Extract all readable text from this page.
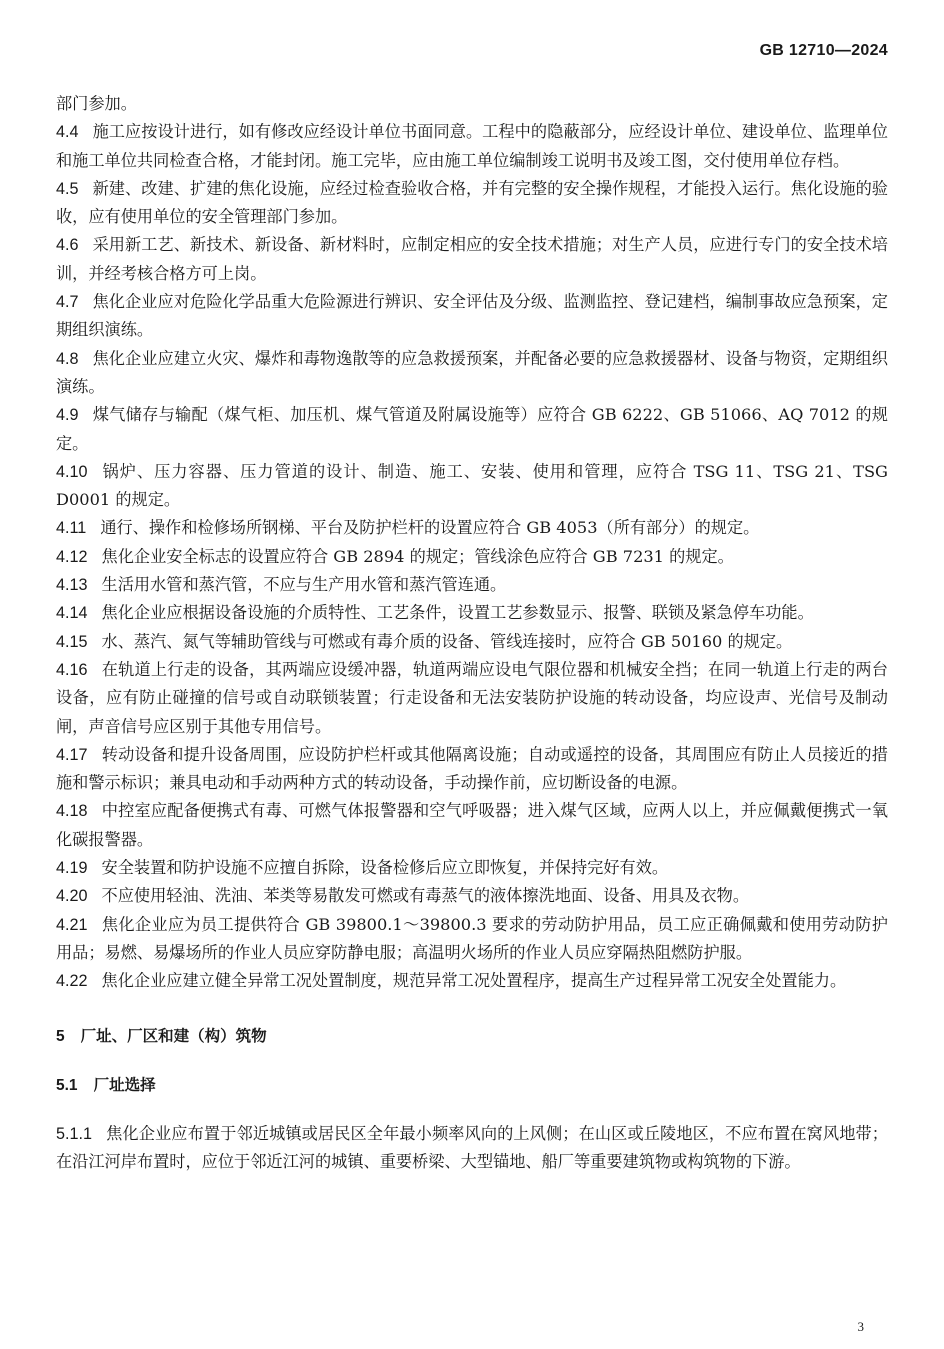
GB 12710—2024

部门参加。

4.4 施工应按设计进行，如有修改应经设计单位书面同意。工程中的隐蔽部分，应经设计单位、建设单位、监理单位和施工单位共同检查合格，才能封闭。施工完毕，应由施工单位编制竣工说明书及竣工图，交付使用单位存档。

4.5 新建、改建、扩建的焦化设施，应经过检查验收合格，并有完整的安全操作规程，才能投入运行。焦化设施的验收，应有使用单位的安全管理部门参加。

4.6 采用新工艺、新技术、新设备、新材料时，应制定相应的安全技术措施；对生产人员，应进行专门的安全技术培训，并经考核合格方可上岗。

4.7 焦化企业应对危险化学品重大危险源进行辨识、安全评估及分级、监测监控、登记建档，编制事故应急预案，定期组织演练。

4.8 焦化企业应建立火灾、爆炸和毒物逸散等的应急救援预案，并配备必要的应急救援器材、设备与物资，定期组织演练。

4.9 煤气储存与输配（煤气柜、加压机、煤气管道及附属设施等）应符合 GB 6222、GB 51066、AQ 7012 的规定。

4.10 锅炉、压力容器、压力管道的设计、制造、施工、安装、使用和管理，应符合 TSG 11、TSG 21、TSG D0001 的规定。

4.11 通行、操作和检修场所钢梯、平台及防护栏杆的设置应符合 GB 4053（所有部分）的规定。

4.12 焦化企业安全标志的设置应符合 GB 2894 的规定；管线涂色应符合 GB 7231 的规定。

4.13 生活用水管和蒸汽管，不应与生产用水管和蒸汽管连通。

4.14 焦化企业应根据设备设施的介质特性、工艺条件，设置工艺参数显示、报警、联锁及紧急停车功能。

4.15 水、蒸汽、氮气等辅助管线与可燃或有毒介质的设备、管线连接时，应符合 GB 50160 的规定。

4.16 在轨道上行走的设备，其两端应设缓冲器，轨道两端应设电气限位器和机械安全挡；在同一轨道上行走的两台设备，应有防止碰撞的信号或自动联锁装置；行走设备和无法安装防护设施的转动设备，均应设声、光信号及制动闸，声音信号应区别于其他专用信号。

4.17 转动设备和提升设备周围，应设防护栏杆或其他隔离设施；自动或遥控的设备，其周围应有防止人员接近的措施和警示标识；兼具电动和手动两种方式的转动设备，手动操作前，应切断设备的电源。

4.18 中控室应配备便携式有毒、可燃气体报警器和空气呼吸器；进入煤气区域，应两人以上，并应佩戴便携式一氧化碳报警器。

4.19 安全装置和防护设施不应擅自拆除，设备检修后应立即恢复，并保持完好有效。

4.20 不应使用轻油、洗油、苯类等易散发可燃或有毒蒸气的液体擦洗地面、设备、用具及衣物。

4.21 焦化企业应为员工提供符合 GB 39800.1～39800.3 要求的劳动防护用品，员工应正确佩戴和使用劳动防护用品；易燃、易爆场所的作业人员应穿防静电服；高温明火场所的作业人员应穿隔热阻燃防护服。

4.22 焦化企业应建立健全异常工况处置制度，规范异常工况处置程序，提高生产过程异常工况安全处置能力。

5 厂址、厂区和建（构）筑物

5.1 厂址选择

5.1.1 焦化企业应布置于邻近城镇或居民区全年最小频率风向的上风侧；在山区或丘陵地区，不应布置在窝风地带；在沿江河岸布置时，应位于邻近江河的城镇、重要桥梁、大型锚地、船厂等重要建筑物或构筑物的下游。

3
